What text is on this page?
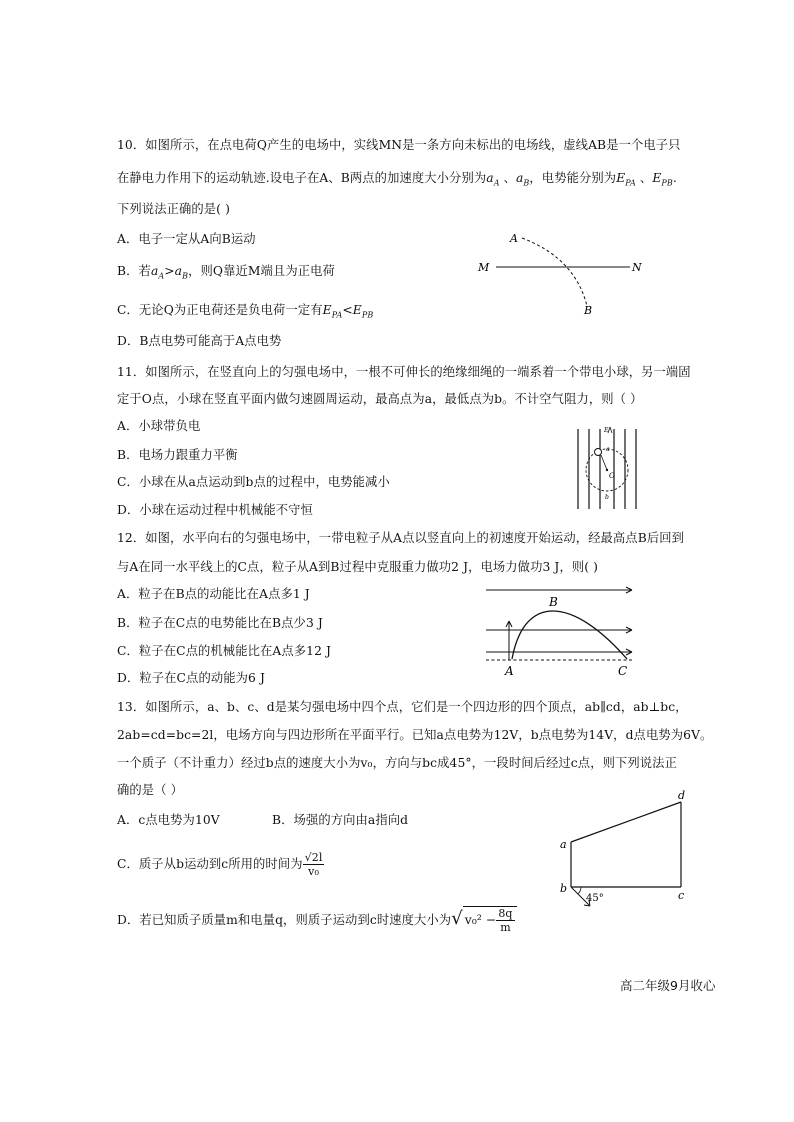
10．如图所示，在点电荷Q产生的电场中，实线MN是一条方向未标出的电场线，虚线AB是一个电子只
在静电力作用下的运动轨迹.设电子在A、B两点的加速度大小分别为$a_A$ 、$a_B$，电势能分别为$E_{PA}$ 、$E_{PB}$.
下列说法正确的是( )
A．电子一定从A向B运动
B．若$a_A>a_B$，则Q靠近M端且为正电荷
C．无论Q为正电荷还是负电荷一定有$E_{PA}<E_{PB}$
D．B点电势可能高于A点电势
A
M	N
B
11．如图所示，在竖直向上的匀强电场中，一根不可伸长的绝缘细绳的一端系着一个带电小球，另一端固
定于O点，小球在竖直平面内做匀速圆周运动，最高点为a，最低点为b。不计空气阻力，则（ ）
A．小球带负电
B．电场力跟重力平衡
C．小球在从a点运动到b点的过程中，电势能减小
D．小球在运动过程中机械能不守恒
E
a
O
b
12．如图，水平向右的匀强电场中，一带电粒子从A点以竖直向上的初速度开始运动，经最高点B后回到
与A在同一水平线上的C点，粒子从A到B过程中克服重力做功2 J，电场力做功3 J，则( )
A．粒子在B点的动能比在A点多1 J
B．粒子在C点的电势能比在B点少3 J
C．粒子在C点的机械能比在A点多12 J
D．粒子在C点的动能为6 J
B
A	C
13．如图所示，a、b、c、d是某匀强电场中四个点，它们是一个四边形的四个顶点，ab∥cd，ab⊥bc，
2ab=cd=bc=2l，电场方向与四边形所在平面平行。已知a点电势为12V，b点电势为14V，d点电势为6V。
一个质子（不计重力）经过b点的速度大小为v₀，方向与bc成45°，一段时间后经过c点，则下列说法正
确的是（ ）
A．c点电势为10V	B．场强的方向由a指向d
C．质子从b运动到c所用的时间为 $\frac{√2l}{\text{v₀}}$
D．若已知质子质量m和电量q，则质子运动到c时速度大小为√ $v_0^2 - \frac{8q}{m}$
a
b
c
d
45°
高二年级9月收心
